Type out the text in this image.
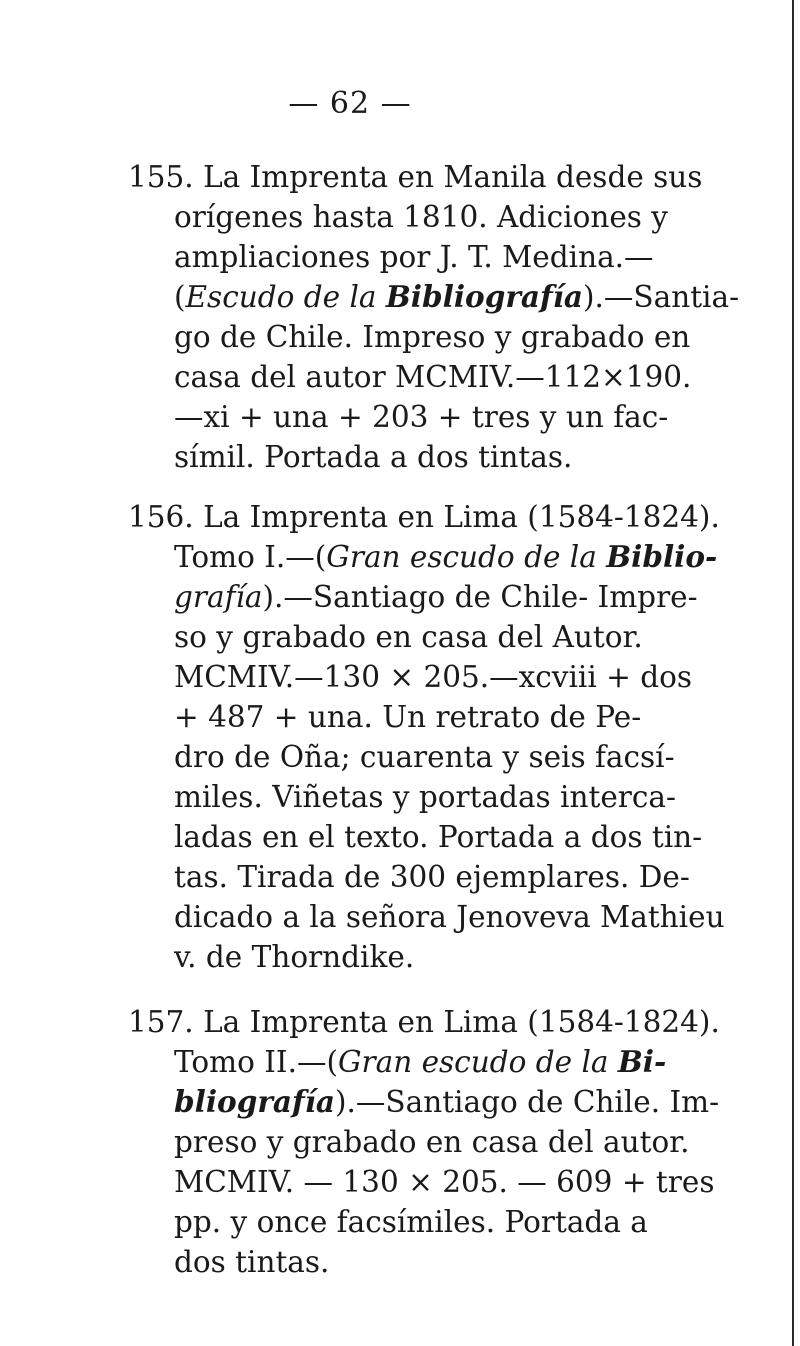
— 62 —
155. La Imprenta en Manila desde sus
orígenes hasta 1810. Adiciones y
ampliaciones por J. T. Medina.—
(Escudo de la Bibliografía).—Santia-
go de Chile. Impreso y grabado en
casa del autor MCMIV.—112×190.
—xi + una + 203 + tres y un fac-
símil. Portada a dos tintas.
156. La Imprenta en Lima (1584-1824).
Tomo I.—(Gran escudo de la Biblio-
grafía).—Santiago de Chile- Impre-
so y grabado en casa del Autor.
MCMIV.—130 × 205.—xcviii + dos
+ 487 + una. Un retrato de Pe-
dro de Oña; cuarenta y seis facsí-
miles. Viñetas y portadas interca-
ladas en el texto. Portada a dos tin-
tas. Tirada de 300 ejemplares. De-
dicado a la señora Jenoveva Mathieu
v. de Thorndike.
157. La Imprenta en Lima (1584-1824).
Tomo II.—(Gran escudo de la Bi-
bliografía).—Santiago de Chile. Im-
preso y grabado en casa del autor.
MCMIV. — 130 × 205. — 609 + tres
pp. y once facsímiles. Portada a
dos tintas.
